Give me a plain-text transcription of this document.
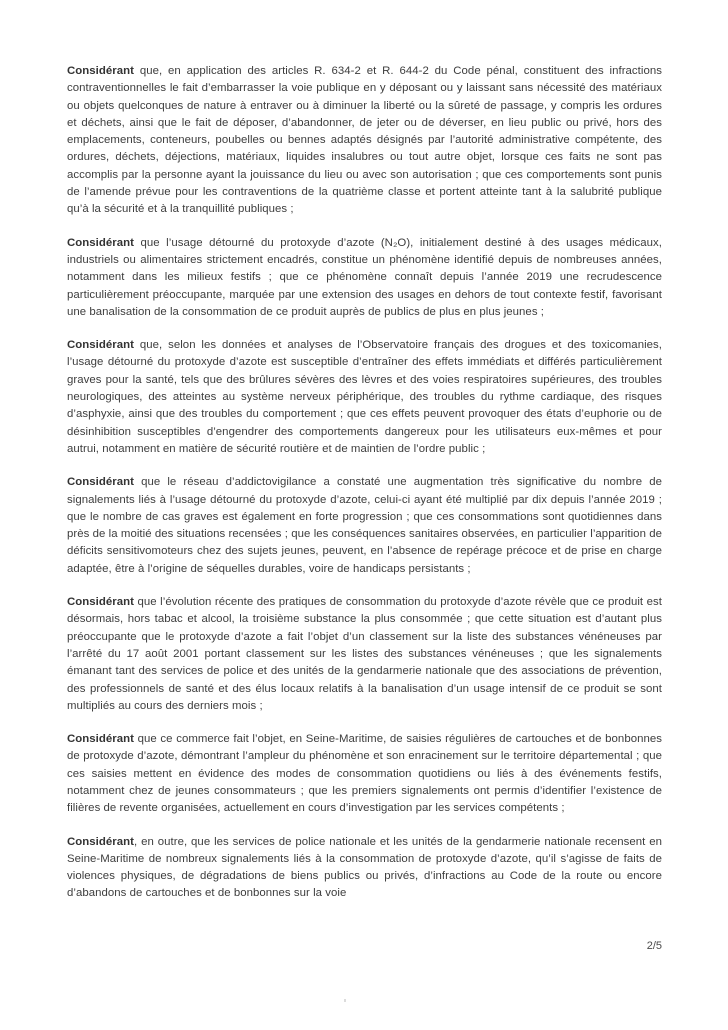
Considérant que, en application des articles R. 634-2 et R. 644-2 du Code pénal, constituent des infractions contraventionnelles le fait d’embarrasser la voie publique en y déposant ou y laissant sans nécessité des matériaux ou objets quelconques de nature à entraver ou à diminuer la liberté ou la sûreté de passage, y compris les ordures et déchets, ainsi que le fait de déposer, d’abandonner, de jeter ou de déverser, en lieu public ou privé, hors des emplacements, conteneurs, poubelles ou bennes adaptés désignés par l’autorité administrative compétente, des ordures, déchets, déjections, matériaux, liquides insalubres ou tout autre objet, lorsque ces faits ne sont pas accomplis par la personne ayant la jouissance du lieu ou avec son autorisation ; que ces comportements sont punis de l’amende prévue pour les contraventions de la quatrième classe et portent atteinte tant à la salubrité publique qu’à la sécurité et à la tranquillité publiques ;

Considérant que l’usage détourné du protoxyde d’azote (N₂O), initialement destiné à des usages médicaux, industriels ou alimentaires strictement encadrés, constitue un phénomène identifié depuis de nombreuses années, notamment dans les milieux festifs ; que ce phénomène connaît depuis l’année 2019 une recrudescence particulièrement préoccupante, marquée par une extension des usages en dehors de tout contexte festif, favorisant une banalisation de la consommation de ce produit auprès de publics de plus en plus jeunes ;

Considérant que, selon les données et analyses de l’Observatoire français des drogues et des toxicomanies, l’usage détourné du protoxyde d’azote est susceptible d’entraîner des effets immédiats et différés particulièrement graves pour la santé, tels que des brûlures sévères des lèvres et des voies respiratoires supérieures, des troubles neurologiques, des atteintes au système nerveux périphérique, des troubles du rythme cardiaque, des risques d’asphyxie, ainsi que des troubles du comportement ; que ces effets peuvent provoquer des états d’euphorie ou de désinhibition susceptibles d’engendrer des comportements dangereux pour les utilisateurs eux-mêmes et pour autrui, notamment en matière de sécurité routière et de maintien de l’ordre public ;

Considérant que le réseau d’addictovigilance a constaté une augmentation très significative du nombre de signalements liés à l’usage détourné du protoxyde d’azote, celui-ci ayant été multiplié par dix depuis l’année 2019 ; que le nombre de cas graves est également en forte progression ; que ces consommations sont quotidiennes dans près de la moitié des situations recensées ; que les conséquences sanitaires observées, en particulier l’apparition de déficits sensitivomoteurs chez des sujets jeunes, peuvent, en l’absence de repérage précoce et de prise en charge adaptée, être à l’origine de séquelles durables, voire de handicaps persistants ;

Considérant que l’évolution récente des pratiques de consommation du protoxyde d’azote révèle que ce produit est désormais, hors tabac et alcool, la troisième substance la plus consommée ; que cette situation est d’autant plus préoccupante que le protoxyde d’azote a fait l’objet d’un classement sur la liste des substances vénéneuses par l’arrêté du 17 août 2001 portant classement sur les listes des substances vénéneuses ; que les signalements émanant tant des services de police et des unités de la gendarmerie nationale que des associations de prévention, des professionnels de santé et des élus locaux relatifs à la banalisation d’un usage intensif de ce produit se sont multipliés au cours des derniers mois ;

Considérant que ce commerce fait l’objet, en Seine-Maritime, de saisies régulières de cartouches et de bonbonnes de protoxyde d’azote, démontrant l’ampleur du phénomène et son enracinement sur le territoire départemental ; que ces saisies mettent en évidence des modes de consommation quotidiens ou liés à des événements festifs, notamment chez de jeunes consommateurs ; que les premiers signalements ont permis d’identifier l’existence de filières de revente organisées, actuellement en cours d’investigation par les services compétents ;

Considérant, en outre, que les services de police nationale et les unités de la gendarmerie nationale recensent en Seine-Maritime de nombreux signalements liés à la consommation de protoxyde d’azote, qu’il s’agisse de faits de violences physiques, de dégradations de biens publics ou privés, d’infractions au Code de la route ou encore d’abandons de cartouches et de bonbonnes sur la voie

2/5
